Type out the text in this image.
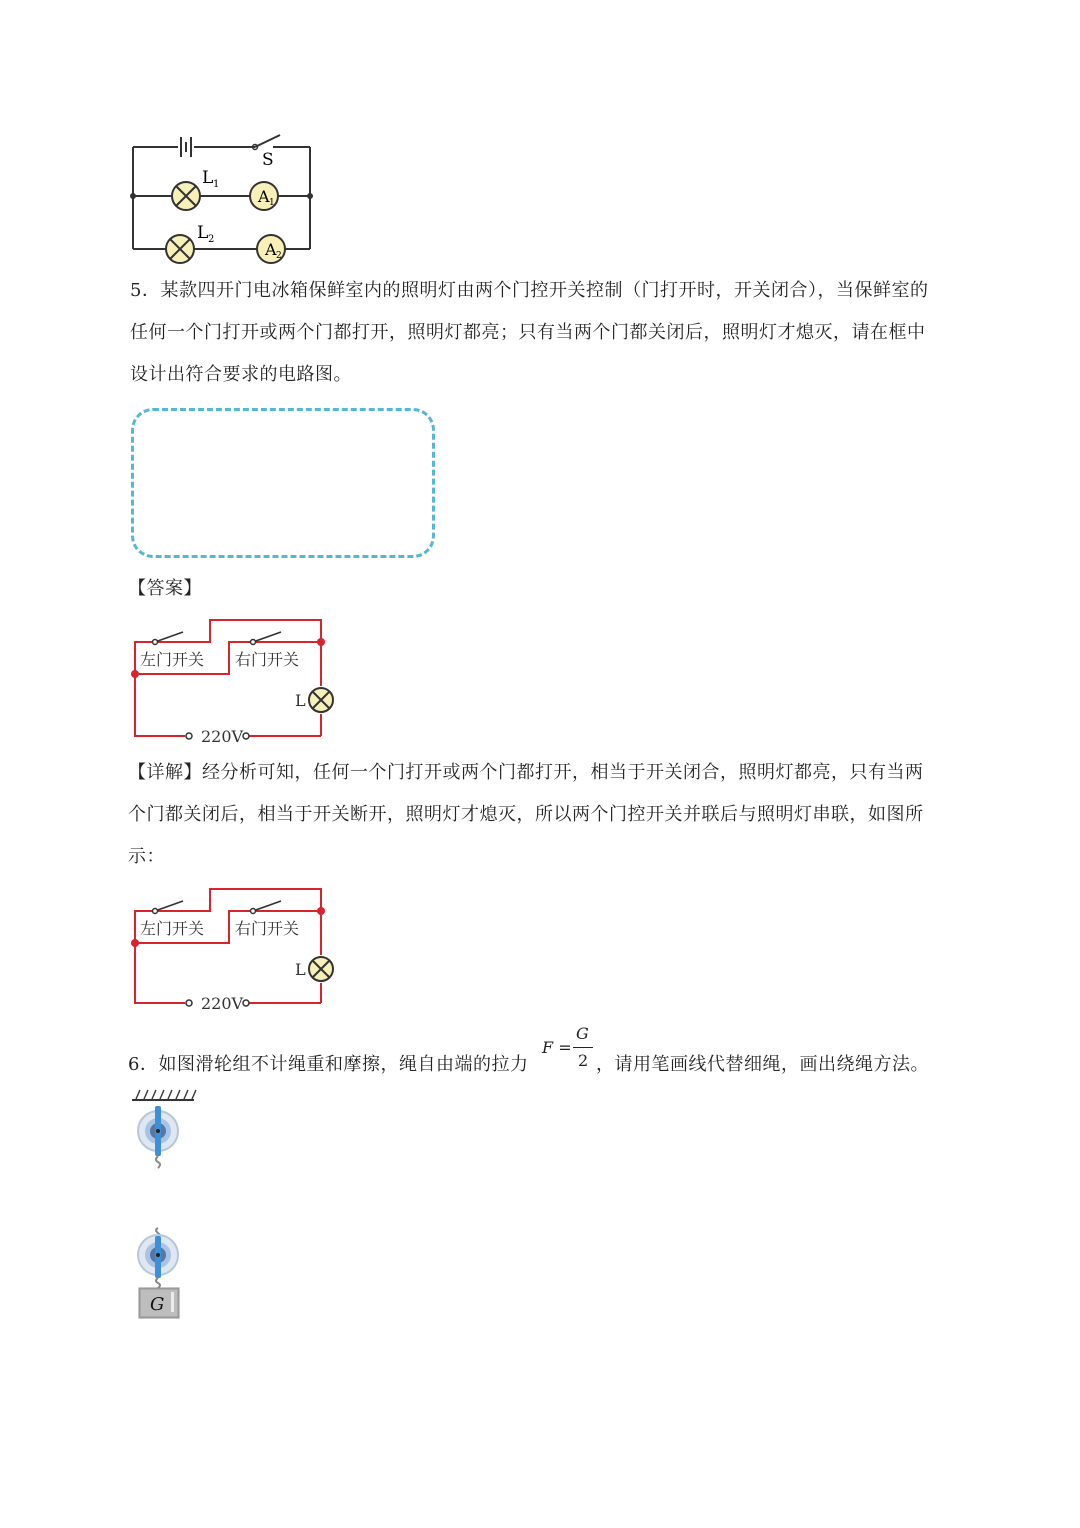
S
L 1
A 1
L 2
A 2
5．某款四开门电冰箱保鲜室内的照明灯由两个门控开关控制（门打开时，开关闭合），当保鲜室的
任何一个门打开或两个门都打开，照明灯都亮；只有当两个门都关闭后，照明灯才熄灭，请在框中
设计出符合要求的电路图。
【答案】
左门开关 右门开关
L
220V
【详解】经分析可知，任何一个门打开或两个门都打开，相当于开关闭合，照明灯都亮，只有当两
个门都关闭后，相当于开关断开，照明灯才熄灭，所以两个门控开关并联后与照明灯串联，如图所
示：
左门开关 右门开关
L
220V
6．如图滑轮组不计绳重和摩擦，绳自由端的拉力
F =
G
2 ，请用笔画线代替细绳，画出绕绳方法。
G
